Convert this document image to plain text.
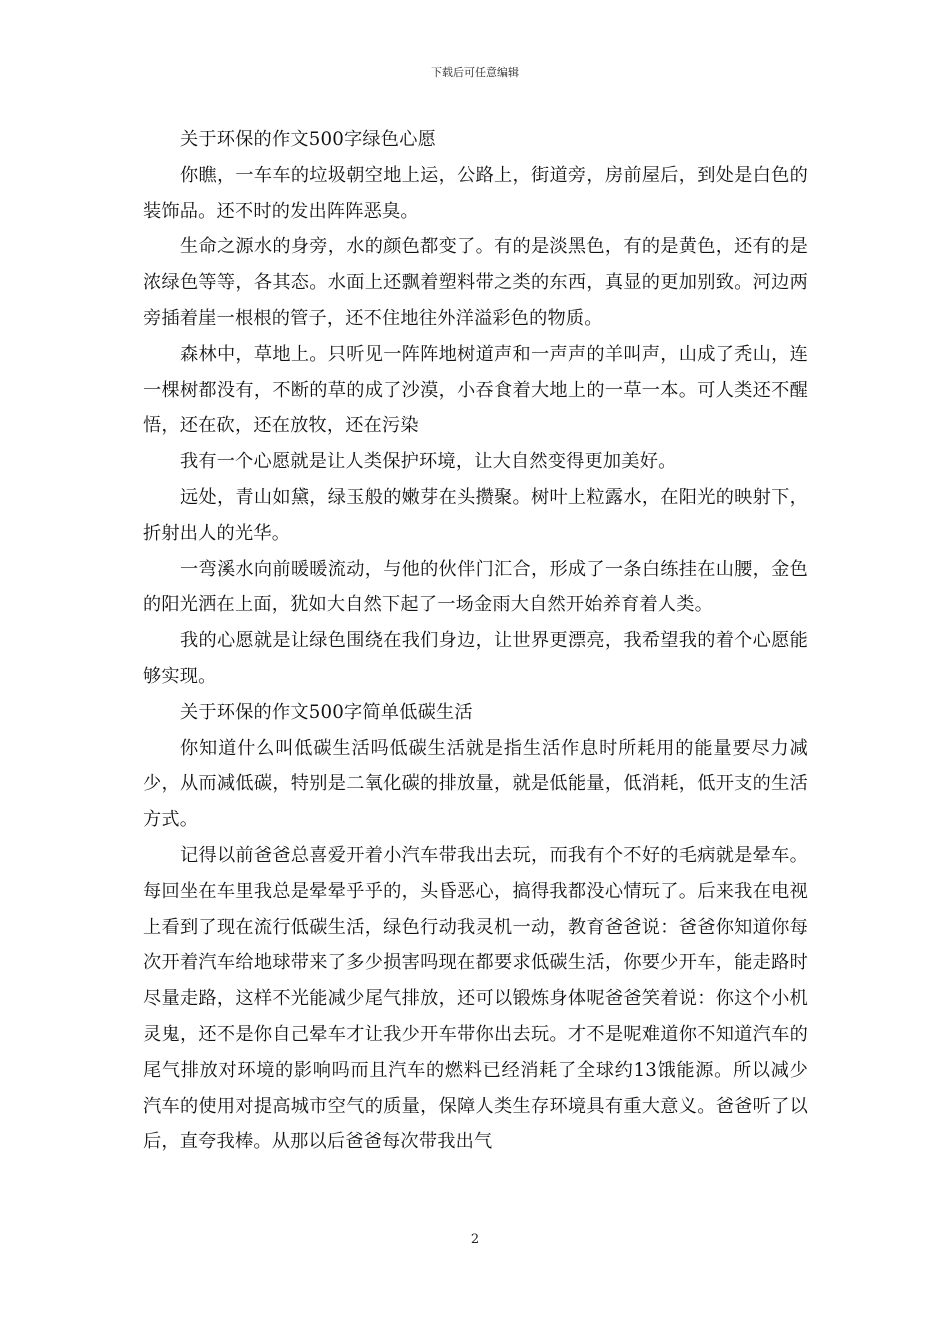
下载后可任意编辑
关于环保的作文500字绿色心愿
你瞧，一车车的垃圾朝空地上运，公路上，街道旁，房前屋后，到处是白色的装饰品。还不时的发出阵阵恶臭。
生命之源水的身旁，水的颜色都变了。有的是淡黑色，有的是黄色，还有的是浓绿色等等，各其态。水面上还飘着塑料带之类的东西，真显的更加别致。河边两旁插着崖一根根的管子，还不住地往外洋溢彩色的物质。
森林中，草地上。只听见一阵阵地树道声和一声声的羊叫声，山成了秃山，连一棵树都没有，不断的草的成了沙漠，小吞食着大地上的一草一本。可人类还不醒悟，还在砍，还在放牧，还在污染
我有一个心愿就是让人类保护环境，让大自然变得更加美好。
远处，青山如黛，绿玉般的嫩芽在头攒聚。树叶上粒露水，在阳光的映射下，折射出人的光华。
一弯溪水向前暖暖流动，与他的伙伴门汇合，形成了一条白练挂在山腰，金色的阳光洒在上面，犹如大自然下起了一场金雨大自然开始养育着人类。
我的心愿就是让绿色围绕在我们身边，让世界更漂亮，我希望我的着个心愿能够实现。
关于环保的作文500字简单低碳生活
你知道什么叫低碳生活吗低碳生活就是指生活作息时所耗用的能量要尽力减少，从而减低碳，特别是二氧化碳的排放量，就是低能量，低消耗，低开支的生活方式。
记得以前爸爸总喜爱开着小汽车带我出去玩，而我有个不好的毛病就是晕车。每回坐在车里我总是晕晕乎乎的，头昏恶心，搞得我都没心情玩了。后来我在电视上看到了现在流行低碳生活，绿色行动我灵机一动，教育爸爸说：爸爸你知道你每次开着汽车给地球带来了多少损害吗现在都要求低碳生活，你要少开车，能走路时尽量走路，这样不光能减少尾气排放，还可以锻炼身体呢爸爸笑着说：你这个小机灵鬼，还不是你自己晕车才让我少开车带你出去玩。才不是呢难道你不知道汽车的尾气排放对环境的影响吗而且汽车的燃料已经消耗了全球约13饿能源。所以减少汽车的使用对提高城市空气的质量，保障人类生存环境具有重大意义。爸爸听了以后，直夸我棒。从那以后爸爸每次带我出气
2
